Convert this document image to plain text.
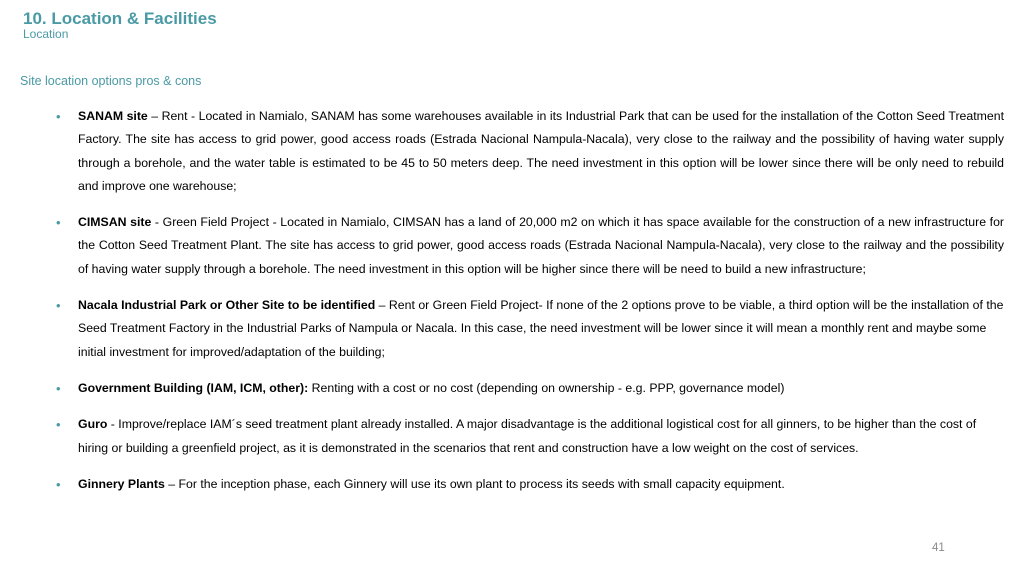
10. Location & Facilities
Location
Site location options pros & cons
• SANAM site – Rent - Located in Namialo, SANAM has some warehouses available in its Industrial Park that can be used for the installation of the Cotton Seed Treatment Factory. The site has access to grid power, good access roads (Estrada Nacional Nampula-Nacala), very close to the railway and the possibility of having water supply through a borehole, and the water table is estimated to be 45 to 50 meters deep. The need investment in this option will be lower since there will be only need to rebuild and improve one warehouse;
• CIMSAN site - Green Field Project - Located in Namialo, CIMSAN has a land of 20,000 m2 on which it has space available for the construction of a new infrastructure for the Cotton Seed Treatment Plant. The site has access to grid power, good access roads (Estrada Nacional Nampula-Nacala), very close to the railway and the possibility of having water supply through a borehole. The need investment in this option will be higher since there will be need to build a new infrastructure;
• Nacala Industrial Park or Other Site to be identified – Rent or Green Field Project- If none of the 2 options prove to be viable, a third option will be the installation of the Seed Treatment Factory in the Industrial Parks of Nampula or Nacala. In this case, the need investment will be lower since it will mean a monthly rent and maybe some initial investment for improved/adaptation of the building;
• Government Building (IAM, ICM, other): Renting with a cost or no cost (depending on ownership - e.g. PPP, governance model)
• Guro - Improve/replace IAM´s seed treatment plant already installed. A major disadvantage is the additional logistical cost for all ginners, to be higher than the cost of hiring or building a greenfield project, as it is demonstrated in the scenarios that rent and construction have a low weight on the cost of services.
• Ginnery Plants – For the inception phase, each Ginnery will use its own plant to process its seeds with small capacity equipment.
41
